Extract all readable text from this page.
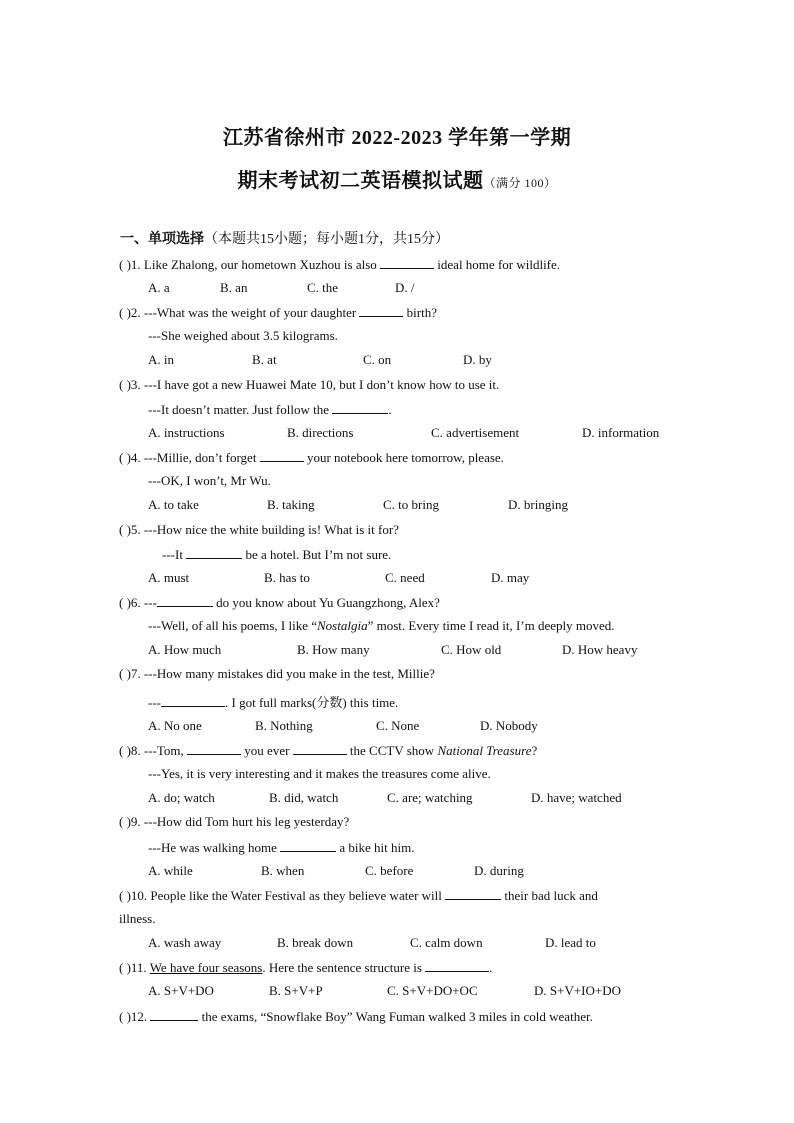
江苏省徐州市 2022-2023 学年第一学期
期末考试初二英语模拟试题（满分 100）
一、单项选择（本题共15小题；每小题1分，共15分）
( )1. Like Zhalong, our hometown Xuzhou is also	ideal home for wildlife.
A. a	B. an	C. the	D. /
( )2. ---What was the weight of your daughter	birth?
---She weighed about 3.5 kilograms.
A. in	B. at	C. on	D. by
( )3. ---I have got a new Huawei Mate 10, but I don’t know how to use it.
---It doesn’t matter. Just follow the	.
A. instructions	B. directions	C. advertisement	D. information
( )4. ---Millie, don’t forget	your notebook here tomorrow, please.
---OK, I won’t, Mr Wu.
A. to take	B. taking	C. to bring	D. bringing
( )5. ---How nice the white building is! What is it for?
---It	be a hotel. But I’m not sure.
A. must	B. has to	C. need	D. may
( )6. ---	do you know about Yu Guangzhong, Alex?
---Well, of all his poems, I like “Nostalgia” most. Every time I read it, I’m deeply moved.
A. How much	B. How many	C. How old	D. How heavy
( )7. ---How many mistakes did you make in the test, Millie?
---	. I got full marks(分数) this time.
A. No one	B. Nothing	C. None	D. Nobody
( )8. ---Tom,	you ever	the CCTV show National Treasure?
---Yes, it is very interesting and it makes the treasures come alive.
A. do; watch	B. did, watch	C. are; watching	D. have; watched
( )9. ---How did Tom hurt his leg yesterday?
---He was walking home	a bike hit him.
A. while	B. when	C. before	D. during
( )10. People like the Water Festival as they believe water will	their bad luck and
illness.
A. wash away	B. break down	C. calm down	D. lead to
( )11. We have four seasons. Here the sentence structure is	.
A. S+V+DO	B. S+V+P	C. S+V+DO+OC	D. S+V+IO+DO
( )12.	the exams, “Snowflake Boy” Wang Fuman walked 3 miles in cold weather.
